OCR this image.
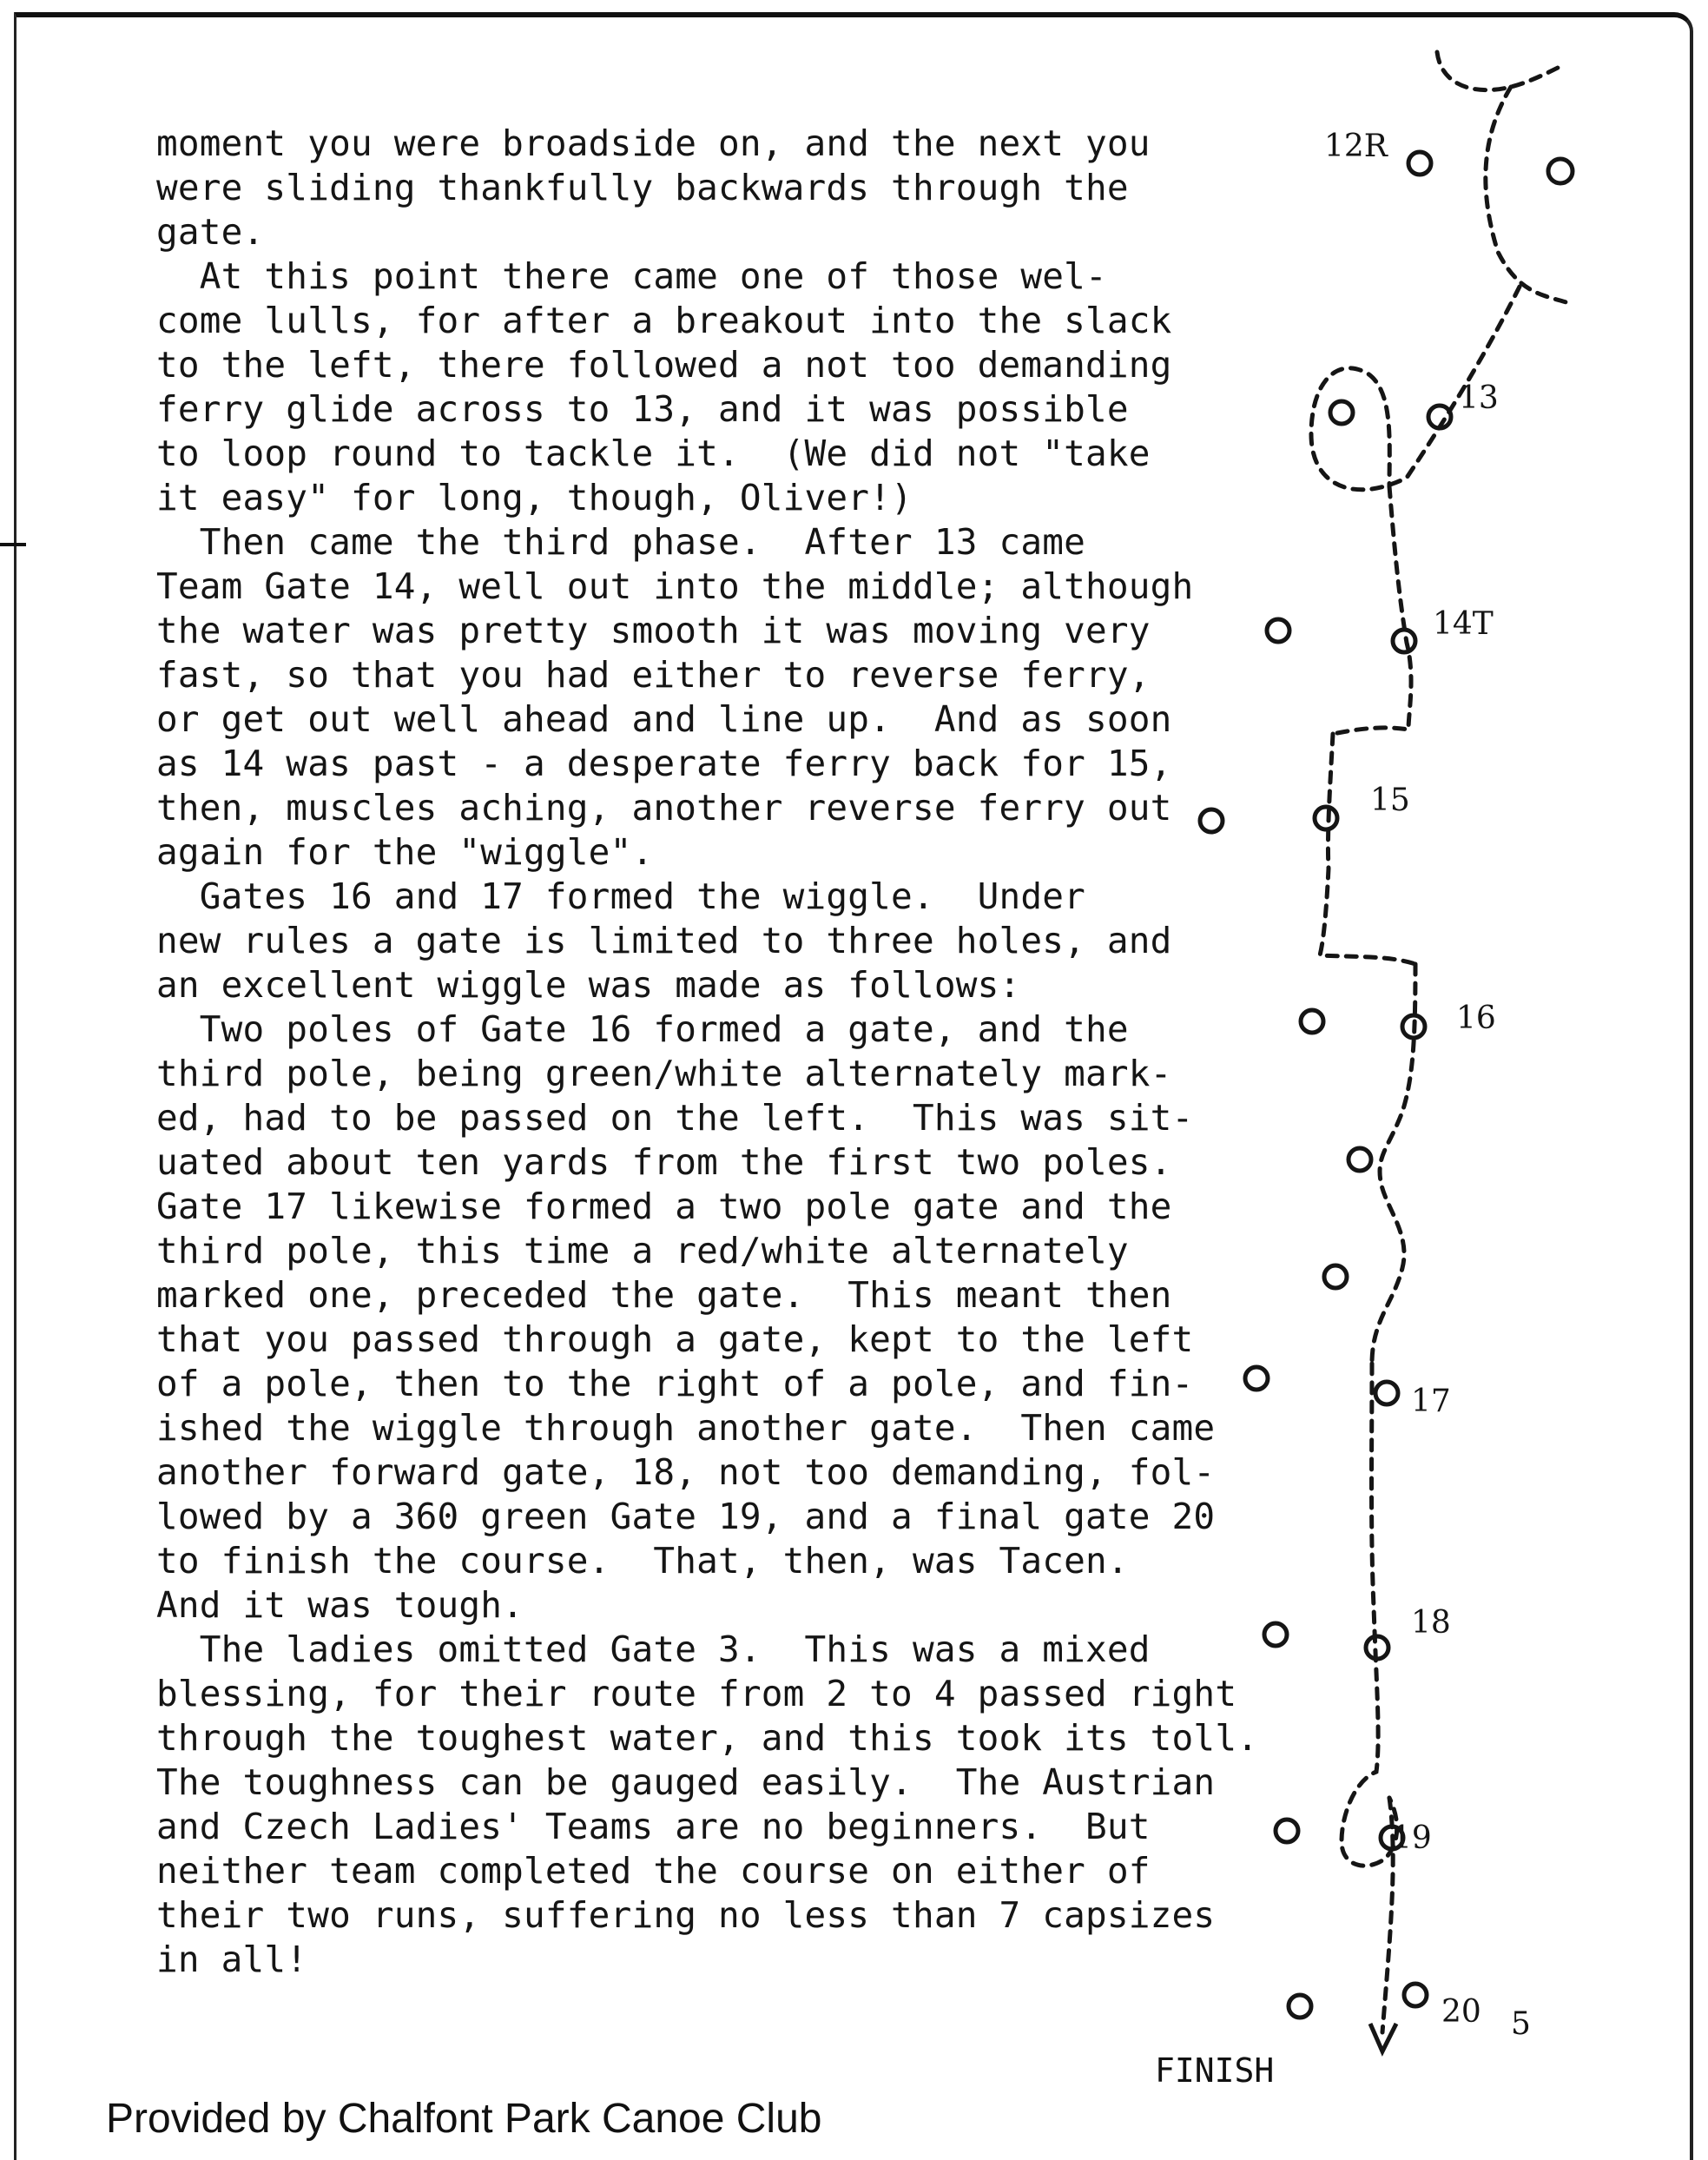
moment you were broadside on, and the next you
were sliding thankfully backwards through the
gate.
At this point there came one of those wel-
come lulls, for after a breakout into the slack
to the left, there followed a not too demanding
ferry glide across to 13, and it was possible
to loop round to tackle it.  (We did not "take
it easy" for long, though, Oliver!)
Then came the third phase.  After 13 came
Team Gate 14, well out into the middle; although
the water was pretty smooth it was moving very
fast, so that you had either to reverse ferry,
or get out well ahead and line up.  And as soon
as 14 was past - a desperate ferry back for 15,
then, muscles aching, another reverse ferry out
again for the "wiggle".
Gates 16 and 17 formed the wiggle.  Under
new rules a gate is limited to three holes, and
an excellent wiggle was made as follows:
Two poles of Gate 16 formed a gate, and the
third pole, being green/white alternately mark-
ed, had to be passed on the left.  This was sit-
uated about ten yards from the first two poles.
Gate 17 likewise formed a two pole gate and the
third pole, this time a red/white alternately
marked one, preceded the gate.  This meant then
that you passed through a gate, kept to the left
of a pole, then to the right of a pole, and fin-
ished the wiggle through another gate.  Then came
another forward gate, 18, not too demanding, fol-
lowed by a 360 green Gate 19, and a final gate 20
to finish the course.  That, then, was Tacen.
And it was tough.
The ladies omitted Gate 3.  This was a mixed
blessing, for their route from 2 to 4 passed right
through the toughest water, and this took its toll.
The toughness can be gauged easily.  The Austrian
and Czech Ladies' Teams are no beginners.  But
neither team completed the course on either of
their two runs, suffering no less than 7 capsizes
in all!
12R
13
14T
15
16
17
18
19
20 5
FINISH
Provided by Chalfont Park Canoe Club
